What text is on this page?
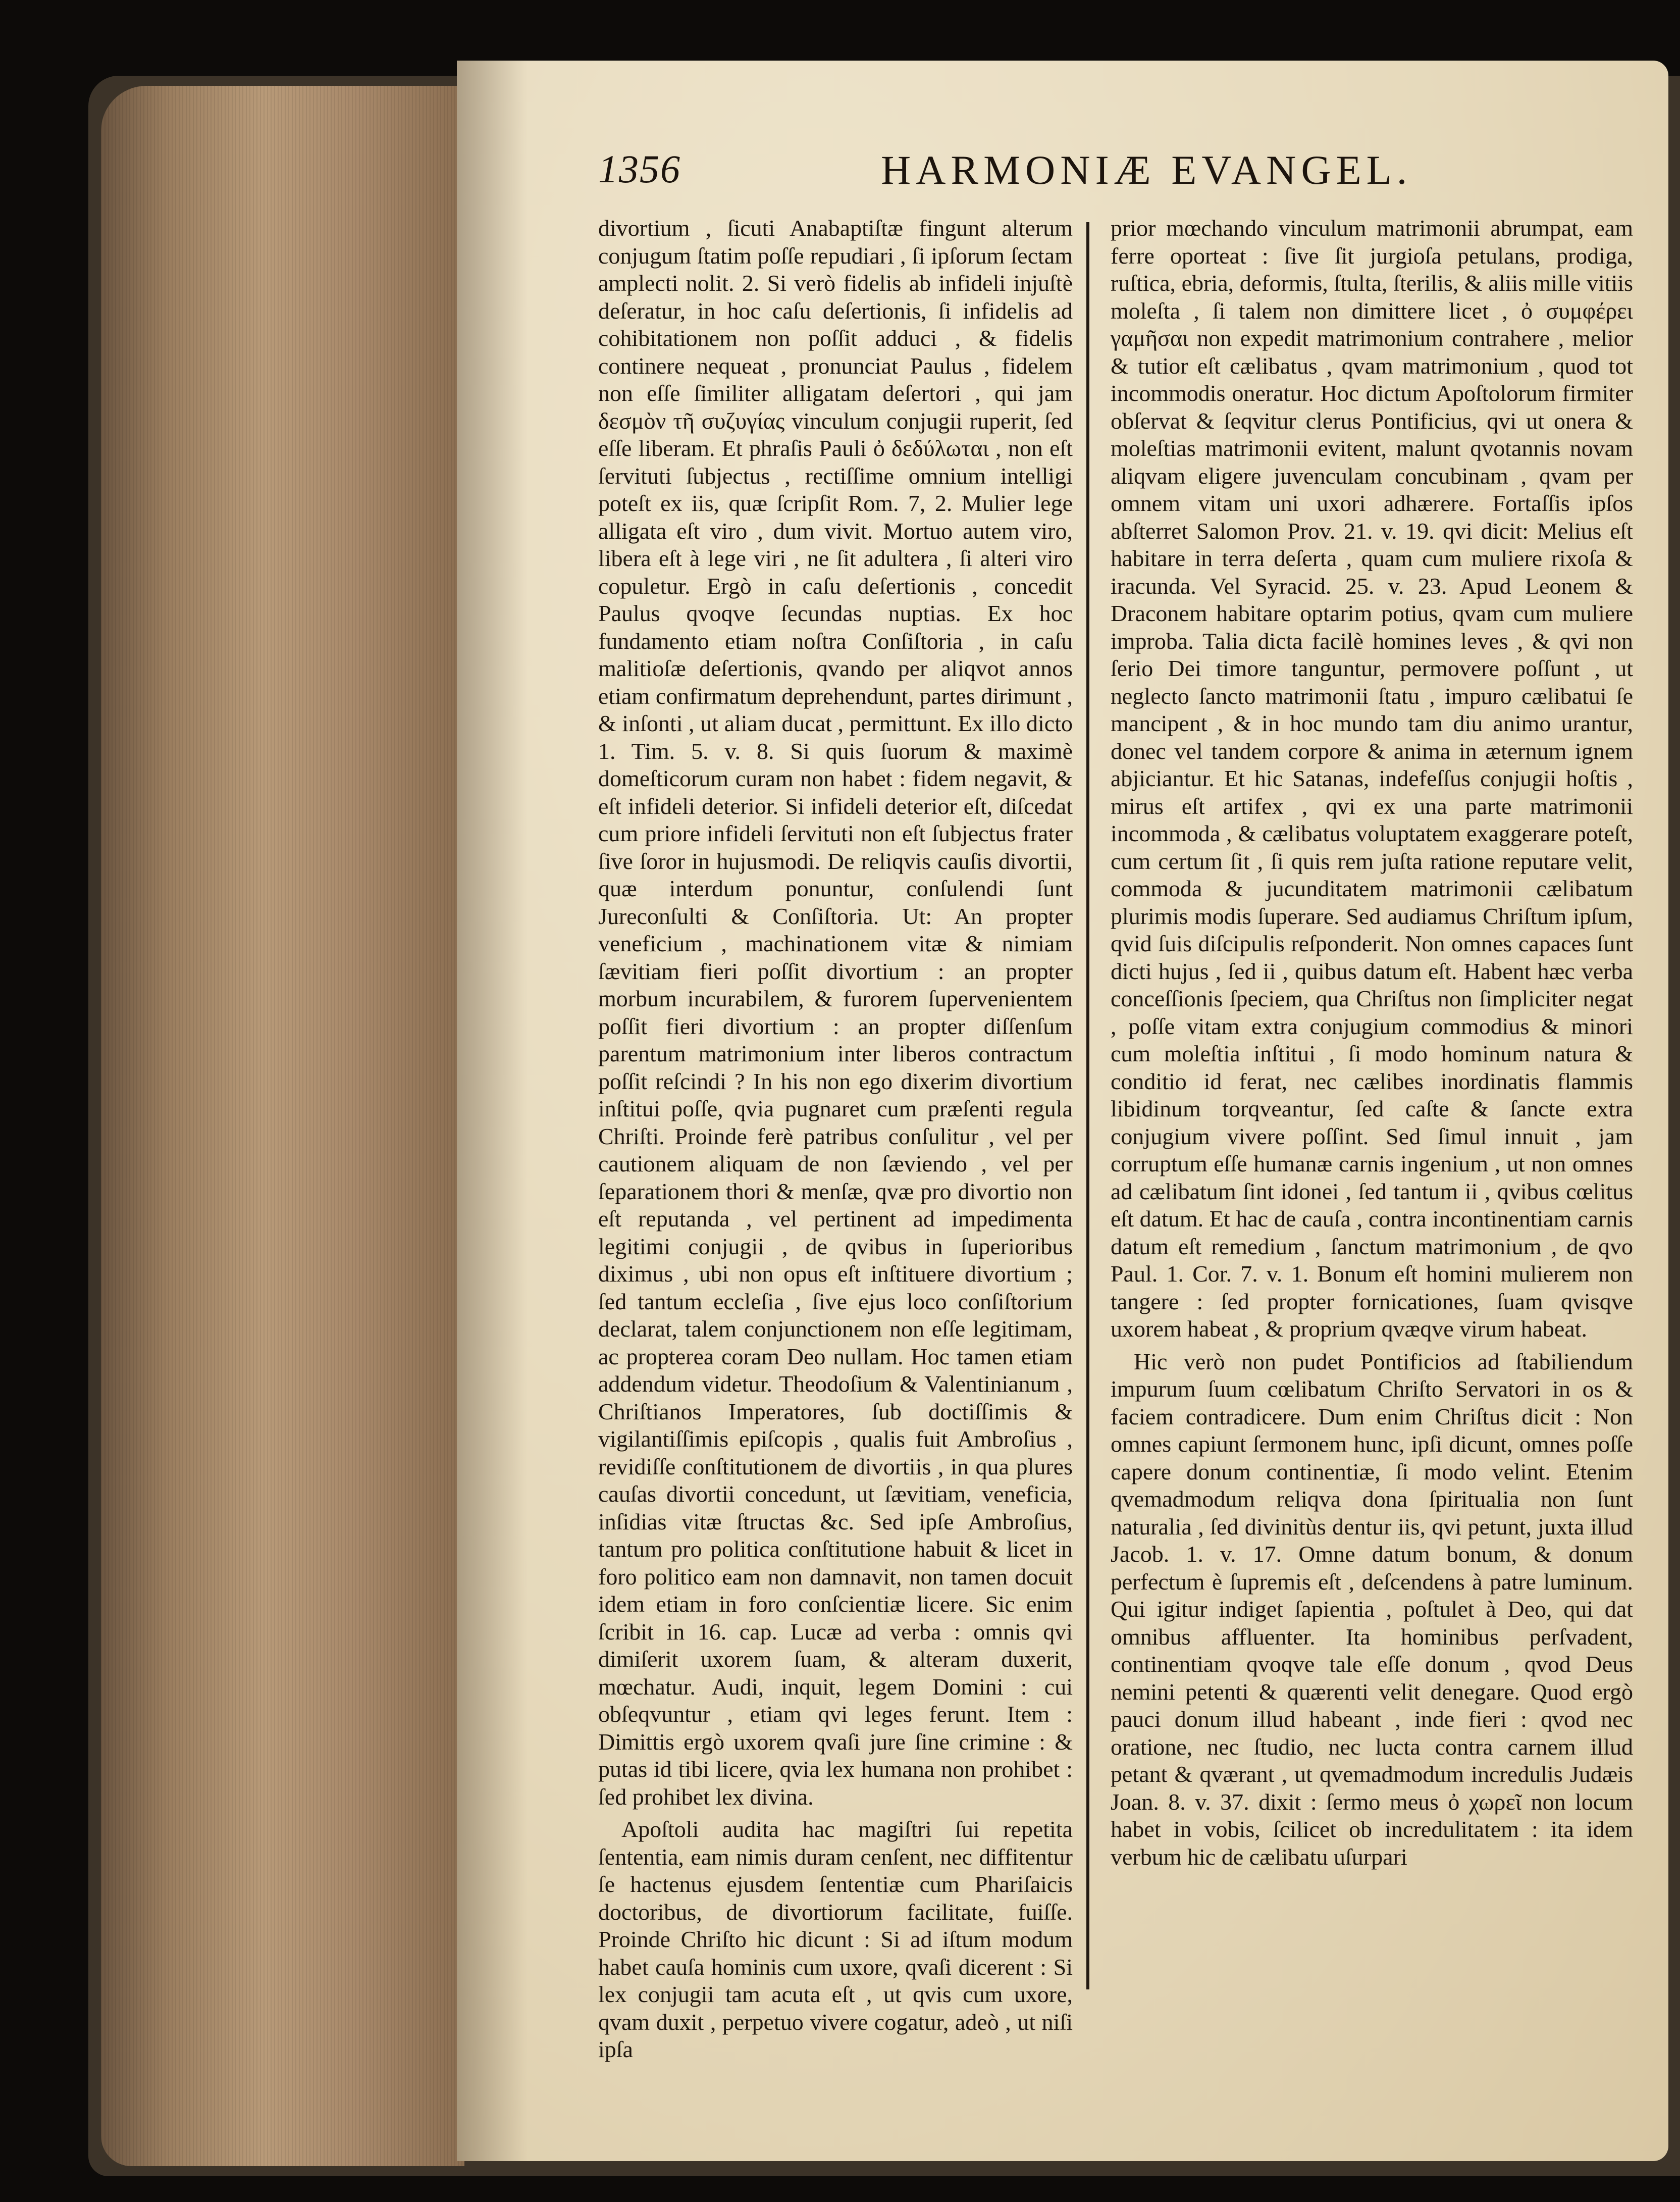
1356	HARMONIÆ EVANGEL.

divortium , ſicuti Anabaptiſtæ fingunt alterum conjugum ſtatim poſſe repudiari , ſi ipſorum ſectam amplecti nolit. 2. Si verò fidelis ab infideli injuſtè deſeratur, in hoc caſu deſertionis, ſi infidelis ad cohibitationem non poſſit adduci , & fidelis continere nequeat , pronunciat Paulus , fidelem non eſſe ſimiliter alligatam deſertori , qui jam δεσμὸν τῆ συζυγίας vinculum conjugii ruperit, ſed eſſe liberam. Et phraſis Pauli ὀ δεδύλωται , non eſt ſervituti ſubjectus , rectiſſime omnium intelligi poteſt ex iis, quæ ſcripſit Rom. 7, 2. Mulier lege alligata eſt viro , dum vivit. Mortuo autem viro, libera eſt à lege viri , ne ſit adultera , ſi alteri viro copuletur. Ergò in caſu deſertionis , concedit Paulus qvoqve ſecundas nuptias. Ex hoc fundamento etiam noſtra Conſiſtoria , in caſu malitioſæ deſertionis, qvando per aliqvot annos etiam confirmatum deprehendunt, partes dirimunt , & inſonti , ut aliam ducat , permittunt. Ex illo dicto 1. Tim. 5. v. 8. Si quis ſuorum & maximè domeſticorum curam non habet : fidem negavit, & eſt infideli deterior. Si infideli deterior eſt, diſcedat cum priore infideli ſervituti non eſt ſubjectus frater ſive ſoror in hujusmodi. De reliqvis cauſis divortii, quæ interdum ponuntur, conſulendi ſunt Jureconſulti & Conſiſtoria. Ut: An propter veneficium , machinationem vitæ & nimiam ſævitiam fieri poſſit divortium : an propter morbum incurabilem, & furorem ſupervenientem poſſit fieri divortium : an propter diſſenſum parentum matrimonium inter liberos contractum poſſit reſcindi ? In his non ego dixerim divortium inſtitui poſſe, qvia pugnaret cum præſenti regula Chriſti. Proinde ferè patribus conſulitur , vel per cautionem aliquam de non ſæviendo , vel per ſeparationem thori & menſæ, qvæ pro divortio non eſt reputanda , vel pertinent ad impedimenta legitimi conjugii , de qvibus in ſuperioribus diximus , ubi non opus eſt inſtituere divortium ; ſed tantum eccleſia , ſive ejus loco conſiſtorium declarat, talem conjunctionem non eſſe legitimam, ac propterea coram Deo nullam. Hoc tamen etiam addendum videtur. Theodoſium & Valentinianum , Chriſtianos Imperatores, ſub doctiſſimis & vigilantiſſimis epiſcopis , qualis fuit Ambroſius , revidiſſe conſtitutionem de divortiis , in qua plures cauſas divortii concedunt, ut ſævitiam, veneficia, inſidias vitæ ſtructas &c. Sed ipſe Ambroſius, tantum pro politica conſtitutione habuit & licet in foro politico eam non damnavit, non tamen docuit idem etiam in foro conſcientiæ licere. Sic enim ſcribit in 16. cap. Lucæ ad verba : omnis qvi dimiſerit uxorem ſuam, & alteram duxerit, mœchatur. Audi, inquit, legem Domini : cui obſeqvuntur , etiam qvi leges ferunt. Item : Dimittis ergò uxorem qvaſi jure ſine crimine : & putas id tibi licere, qvia lex humana non prohibet : ſed prohibet lex divina.

Apoſtoli audita hac magiſtri ſui repetita ſententia, eam nimis duram cenſent, nec diffitentur ſe hactenus ejusdem ſententiæ cum Phariſaicis doctoribus, de divortiorum facilitate, fuiſſe. Proinde Chriſto hic dicunt : Si ad iſtum modum habet cauſa hominis cum uxore, qvaſi dicerent : Si lex conjugii tam acuta eſt , ut qvis cum uxore, qvam duxit , perpetuo vivere cogatur, adeò , ut niſi ipſa

prior mœchando vinculum matrimonii abrumpat, eam ferre oporteat : ſive ſit jurgioſa petulans, prodiga, ruſtica, ebria, deformis, ſtulta, ſterilis, & aliis mille vitiis moleſta , ſi talem non dimittere licet , ὀ συμφέρει γαμῆσαι non expedit matrimonium contrahere , melior & tutior eſt cælibatus , qvam matrimonium , quod tot incommodis oneratur. Hoc dictum Apoſtolorum firmiter obſervat & ſeqvitur clerus Pontificius, qvi ut onera & moleſtias matrimonii evitent, malunt qvotannis novam aliqvam eligere juvenculam concubinam , qvam per omnem vitam uni uxori adhærere. Fortaſſis ipſos abſterret Salomon Prov. 21. v. 19. qvi dicit: Melius eſt habitare in terra deſerta , quam cum muliere rixoſa & iracunda. Vel Syracid. 25. v. 23. Apud Leonem & Draconem habitare optarim potius, qvam cum muliere improba. Talia dicta facilè homines leves , & qvi non ſerio Dei timore tanguntur, permovere poſſunt , ut neglecto ſancto matrimonii ſtatu , impuro cælibatui ſe mancipent , & in hoc mundo tam diu animo urantur, donec vel tandem corpore & anima in æternum ignem abjiciantur. Et hic Satanas, indefeſſus conjugii hoſtis , mirus eſt artifex , qvi ex una parte matrimonii incommoda , & cælibatus voluptatem exaggerare poteſt, cum certum ſit , ſi quis rem juſta ratione reputare velit, commoda & jucunditatem matrimonii cælibatum plurimis modis ſuperare. Sed audiamus Chriſtum ipſum, qvid ſuis diſcipulis reſponderit. Non omnes capaces ſunt dicti hujus , ſed ii , quibus datum eſt. Habent hæc verba conceſſionis ſpeciem, qua Chriſtus non ſimpliciter negat , poſſe vitam extra conjugium commodius & minori cum moleſtia inſtitui , ſi modo hominum natura & conditio id ferat, nec cælibes inordinatis flammis libidinum torqveantur, ſed caſte & ſancte extra conjugium vivere poſſint. Sed ſimul innuit , jam corruptum eſſe humanæ carnis ingenium , ut non omnes ad cælibatum ſint idonei , ſed tantum ii , qvibus cœlitus eſt datum. Et hac de cauſa , contra incontinentiam carnis datum eſt remedium , ſanctum matrimonium , de qvo Paul. 1. Cor. 7. v. 1. Bonum eſt homini mulierem non tangere : ſed propter fornicationes, ſuam qvisqve uxorem habeat , & proprium qvæqve virum habeat.

Hic verò non pudet Pontificios ad ſtabiliendum impurum ſuum cœlibatum Chriſto Servatori in os & faciem contradicere. Dum enim Chriſtus dicit : Non omnes capiunt ſermonem hunc, ipſi dicunt, omnes poſſe capere donum continentiæ, ſi modo velint. Etenim qvemadmodum reliqva dona ſpiritualia non ſunt naturalia , ſed divinitùs dentur iis, qvi petunt, juxta illud Jacob. 1. v. 17. Omne datum bonum, & donum perfectum è ſupremis eſt , deſcendens à patre luminum. Qui igitur indiget ſapientia , poſtulet à Deo, qui dat omnibus affluenter. Ita hominibus perſvadent, continentiam qvoqve tale eſſe donum , qvod Deus nemini petenti & quærenti velit denegare. Quod ergò pauci donum illud habeant , inde fieri : qvod nec oratione, nec ſtudio, nec lucta contra carnem illud petant & qværant , ut qvemadmodum incredulis Judæis Joan. 8. v. 37. dixit : ſermo meus ὀ χωρεῖ non locum habet in vobis, ſcilicet ob incredulitatem : ita idem verbum hic de cælibatu uſurpari
